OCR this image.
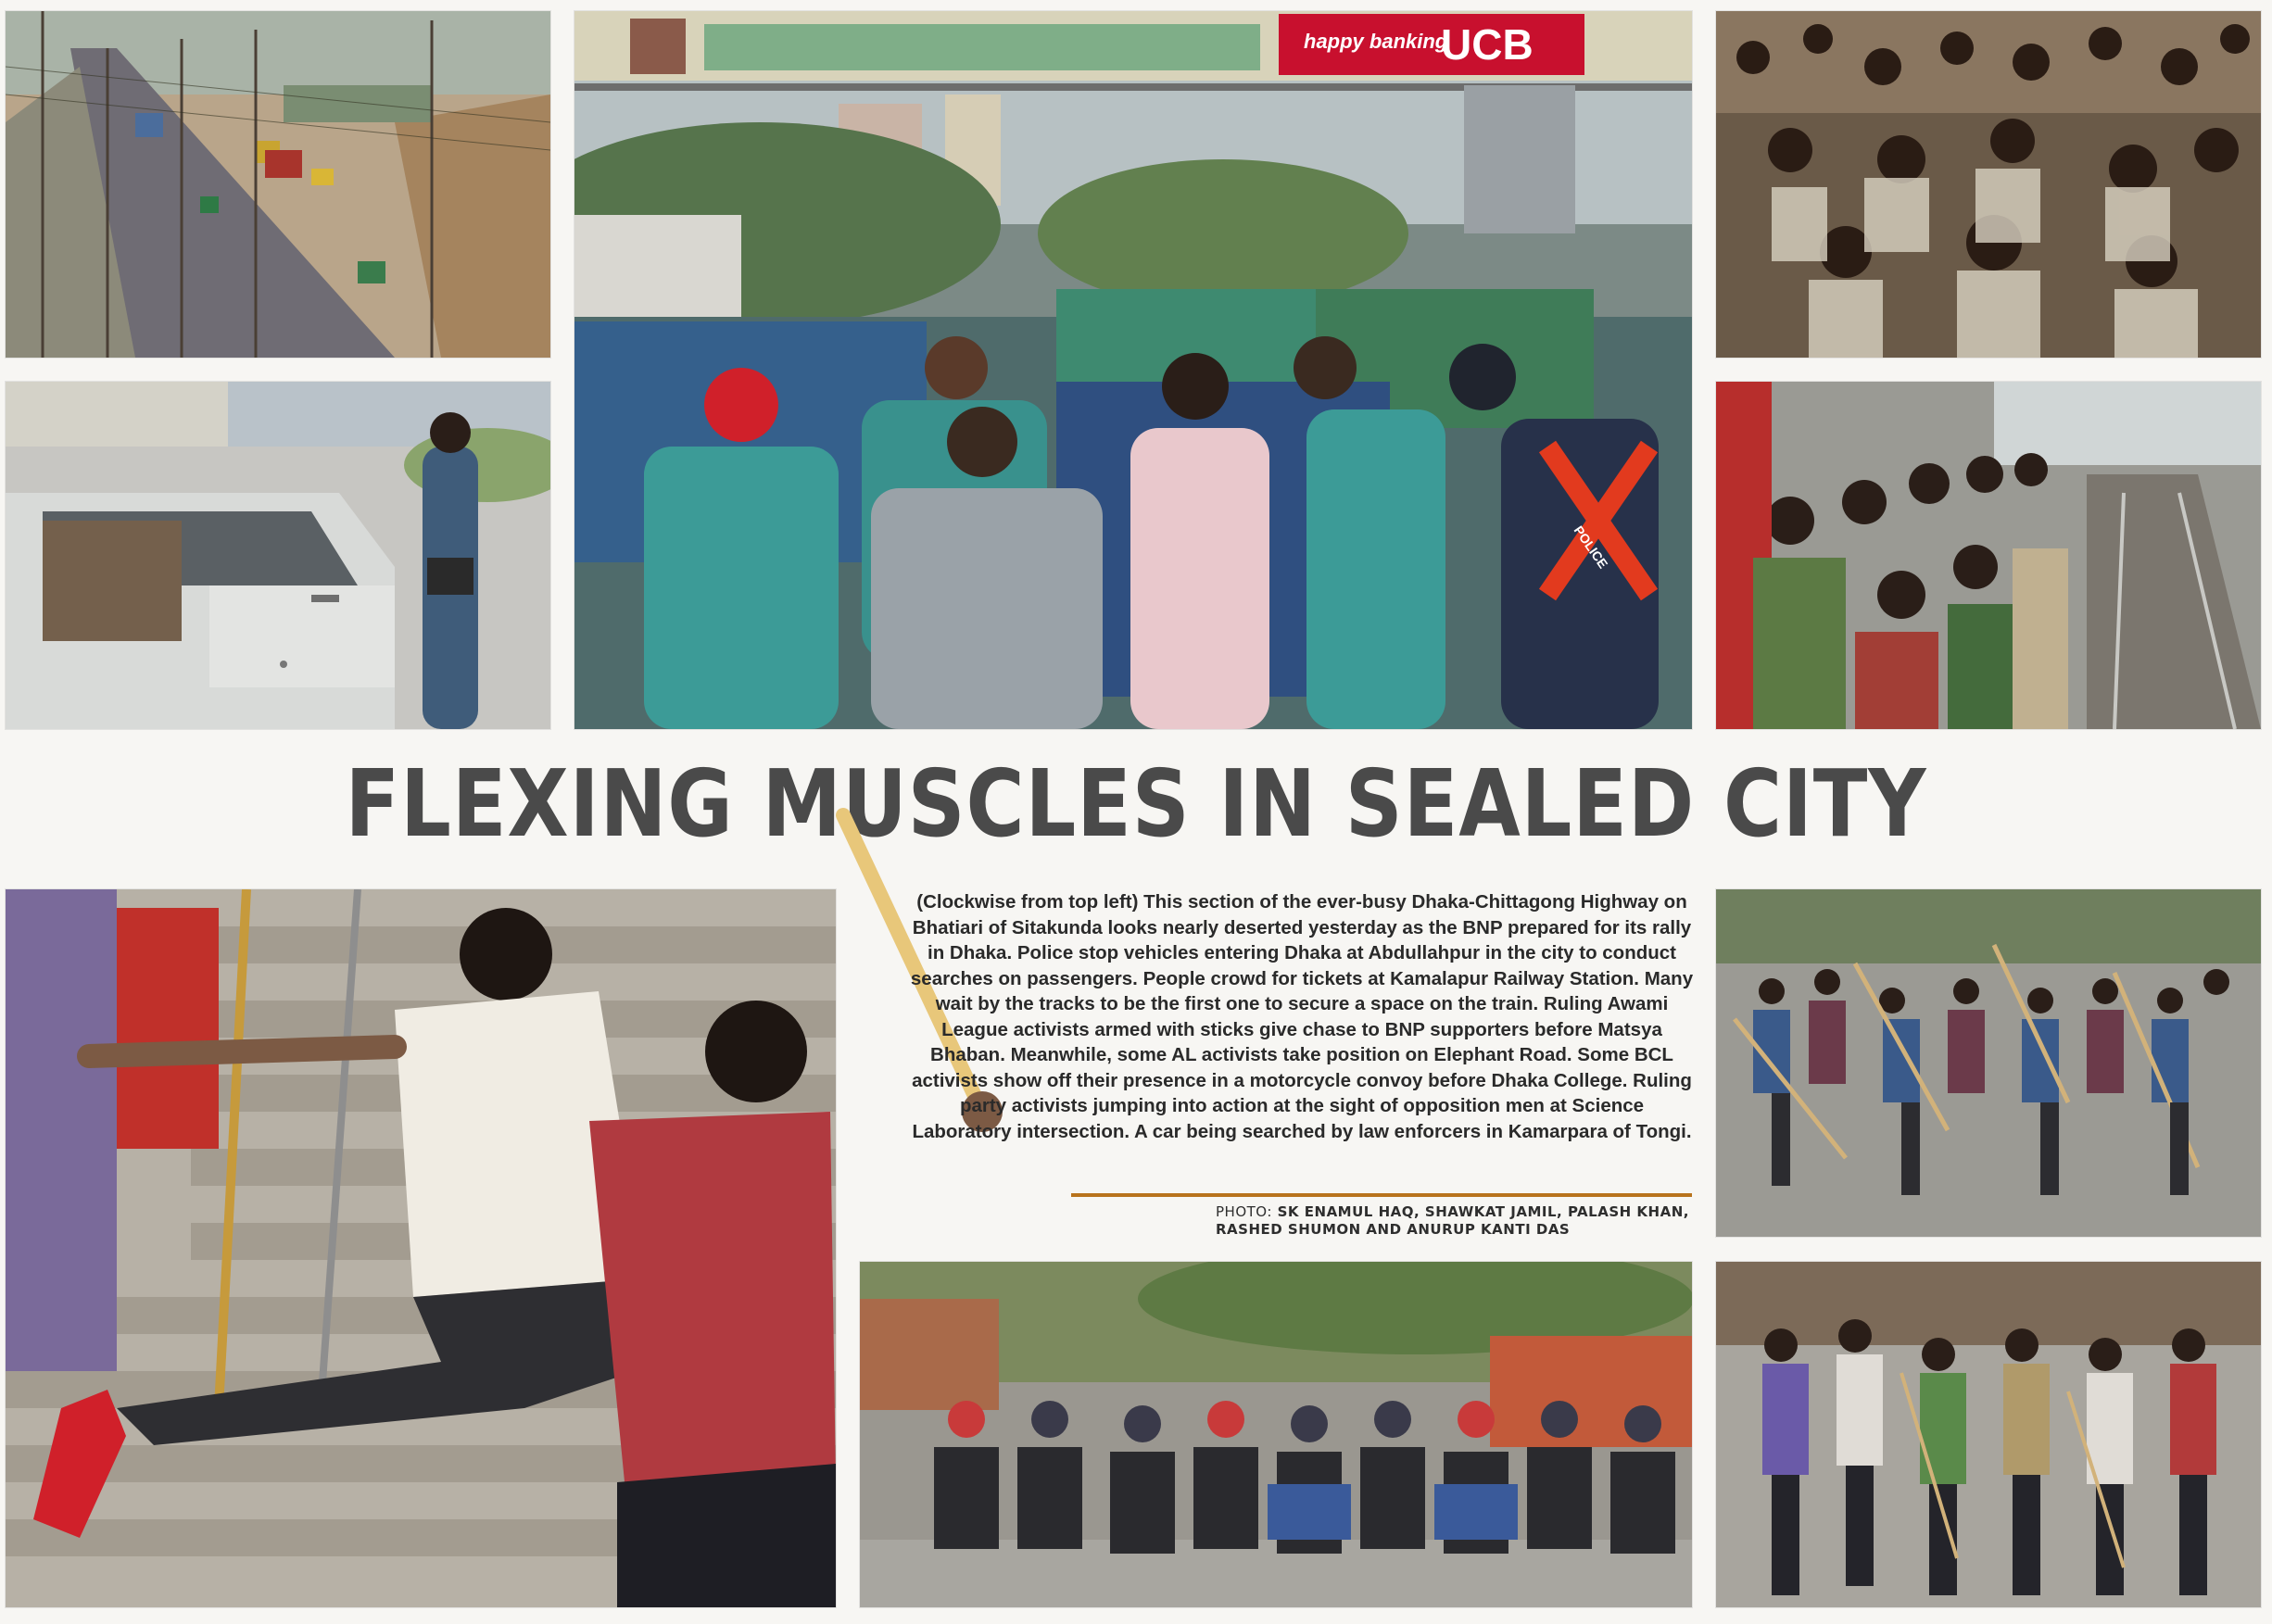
happy banking
UCB
POLICE
FLEXING MUSCLES IN SEALED CITY
(Clockwise from top left) This section of the ever-busy Dhaka-Chittagong Highway on Bhatiari of Sitakunda looks nearly deserted yesterday as the BNP prepared for its rally in Dhaka. Police stop vehicles entering Dhaka at Abdullahpur in the city to conduct searches on passengers. People crowd for tickets at Kamalapur Railway Station. Many wait by the tracks to be the first one to secure a space on the train. Ruling Awami League activists armed with sticks give chase to BNP supporters before Matsya Bhaban. Meanwhile, some AL activists take position on Elephant Road. Some BCL activists show off their presence in a motorcycle convoy before Dhaka College. Ruling party activists jumping into action at the sight of opposition men at Science Laboratory intersection. A car being searched by law enforcers in Kamarpara of Tongi.
PHOTO: SK ENAMUL HAQ, SHAWKAT JAMIL, PALASH KHAN, RASHED SHUMON AND ANURUP KANTI DAS
